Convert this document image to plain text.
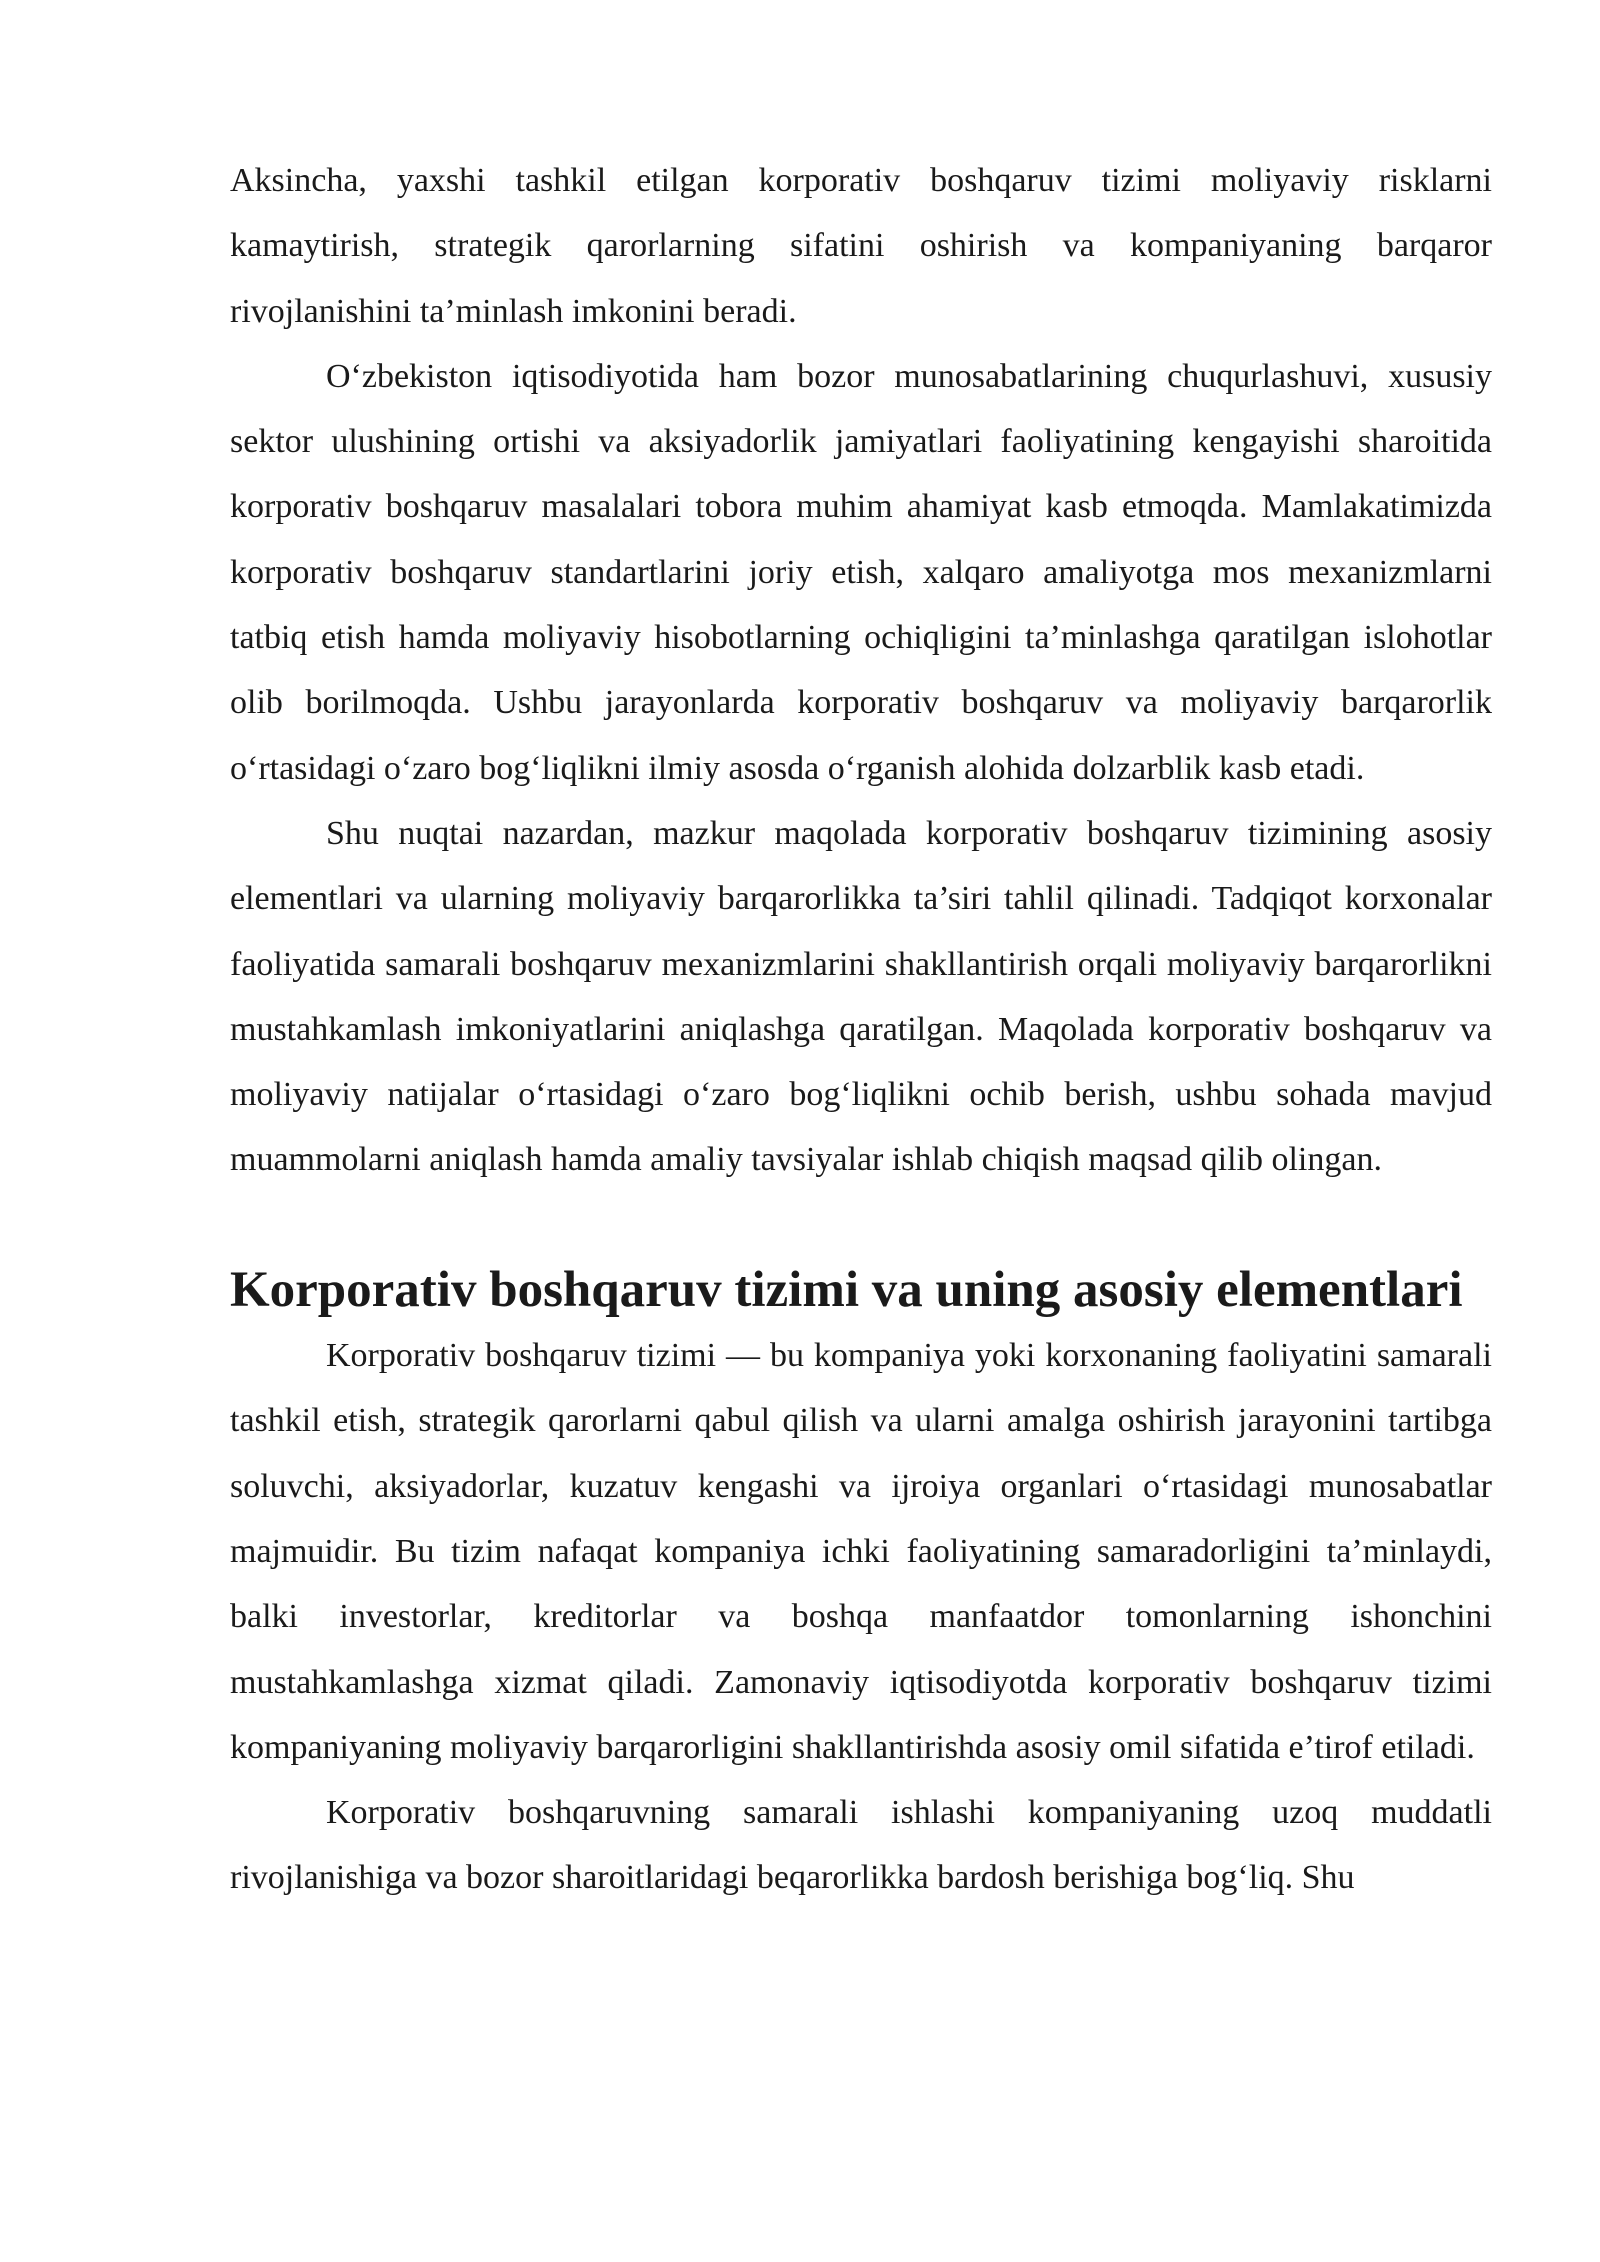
Aksincha, yaxshi tashkil etilgan korporativ boshqaruv tizimi moliyaviy risklarni kamaytirish, strategik qarorlarning sifatini oshirish va kompaniyaning barqaror rivojlanishini ta’minlash imkonini beradi.

O‘zbekiston iqtisodiyotida ham bozor munosabatlarining chuqurlashuvi, xususiy sektor ulushining ortishi va aksiyadorlik jamiyatlari faoliyatining kengayishi sharoitida korporativ boshqaruv masalalari tobora muhim ahamiyat kasb etmoqda. Mamlakatimizda korporativ boshqaruv standartlarini joriy etish, xalqaro amaliyotga mos mexanizmlarni tatbiq etish hamda moliyaviy hisobotlarning ochiqligini ta’minlashga qaratilgan islohotlar olib borilmoqda. Ushbu jarayonlarda korporativ boshqaruv va moliyaviy barqarorlik o‘rtasidagi o‘zaro bog‘liqlikni ilmiy asosda o‘rganish alohida dolzarblik kasb etadi.

Shu nuqtai nazardan, mazkur maqolada korporativ boshqaruv tizimining asosiy elementlari va ularning moliyaviy barqarorlikka ta’siri tahlil qilinadi. Tadqiqot korxonalar faoliyatida samarali boshqaruv mexanizmlarini shakllantirish orqali moliyaviy barqarorlikni mustahkamlash imkoniyatlarini aniqlashga qaratilgan. Maqolada korporativ boshqaruv va moliyaviy natijalar o‘rtasidagi o‘zaro bog‘liqlikni ochib berish, ushbu sohada mavjud muammolarni aniqlash hamda amaliy tavsiyalar ishlab chiqish maqsad qilib olingan.

Korporativ boshqaruv tizimi va uning asosiy elementlari

Korporativ boshqaruv tizimi — bu kompaniya yoki korxonaning faoliyatini samarali tashkil etish, strategik qarorlarni qabul qilish va ularni amalga oshirish jarayonini tartibga soluvchi, aksiyadorlar, kuzatuv kengashi va ijroiya organlari o‘rtasidagi munosabatlar majmuidir. Bu tizim nafaqat kompaniya ichki faoliyatining samaradorligini ta’minlaydi, balki investorlar, kreditorlar va boshqa manfaatdor tomonlarning ishonchini mustahkamlashga xizmat qiladi. Zamonaviy iqtisodiyotda korporativ boshqaruv tizimi kompaniyaning moliyaviy barqarorligini shakllantirishda asosiy omil sifatida e’tirof etiladi.

Korporativ boshqaruvning samarali ishlashi kompaniyaning uzoq muddatli rivojlanishiga va bozor sharoitlaridagi beqarorlikka bardosh berishiga bog‘liq. Shu
